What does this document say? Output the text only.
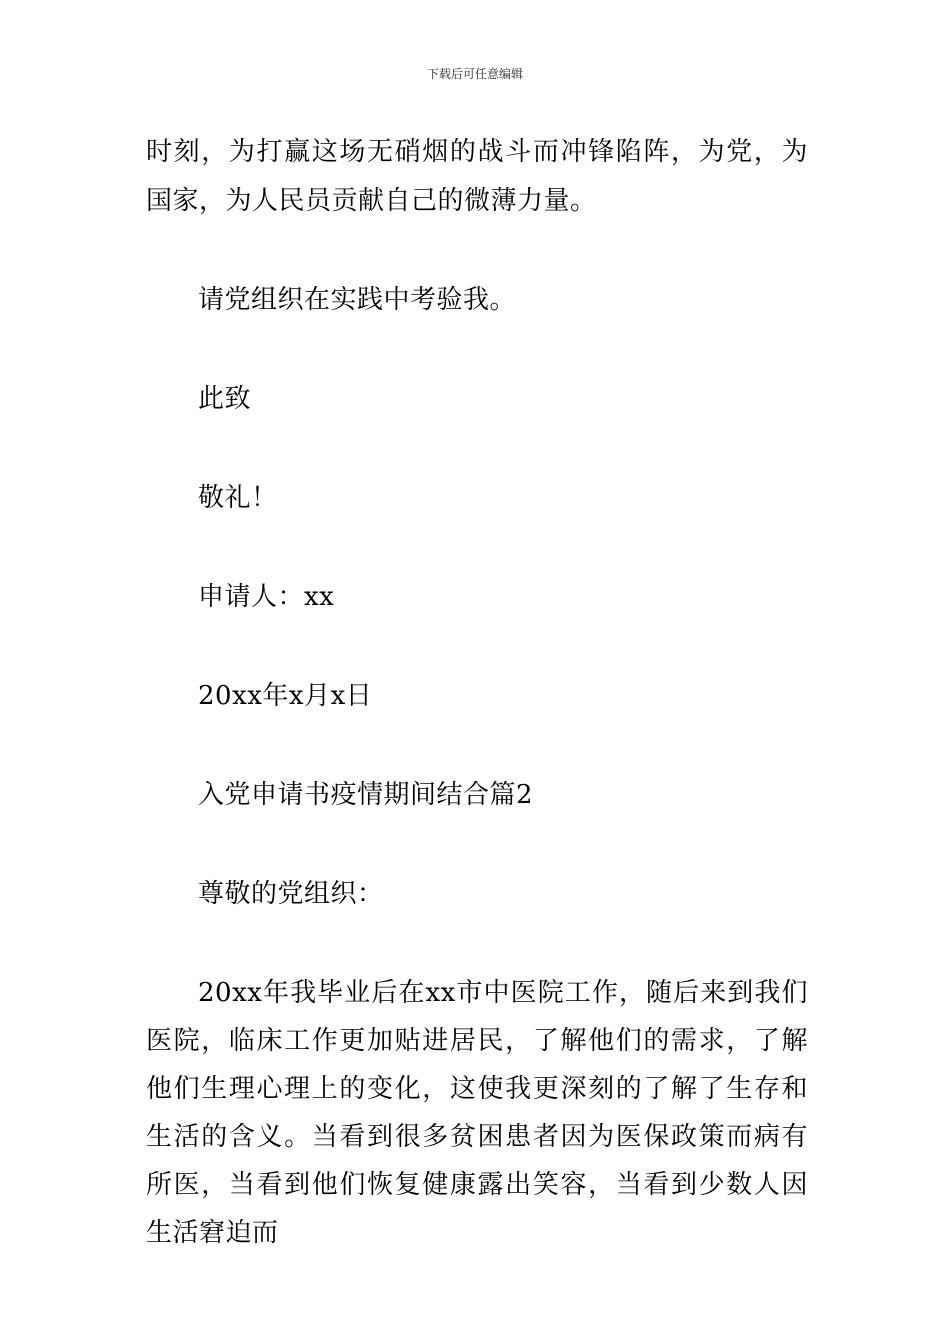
下载后可任意编辑

时刻，为打赢这场无硝烟的战斗而冲锋陷阵，为党，为国家，为人民员贡献自己的微薄力量。

请党组织在实践中考验我。

此致

敬礼！

申请人：xx

20xx年x月x日

入党申请书疫情期间结合篇2

尊敬的党组织：

20xx年我毕业后在xx市中医院工作，随后来到我们医院，临床工作更加贴进居民，了解他们的需求，了解他们生理心理上的变化，这使我更深刻的了解了生存和生活的含义。当看到很多贫困患者因为医保政策而病有所医，当看到他们恢复健康露出笑容，当看到少数人因生活窘迫而
